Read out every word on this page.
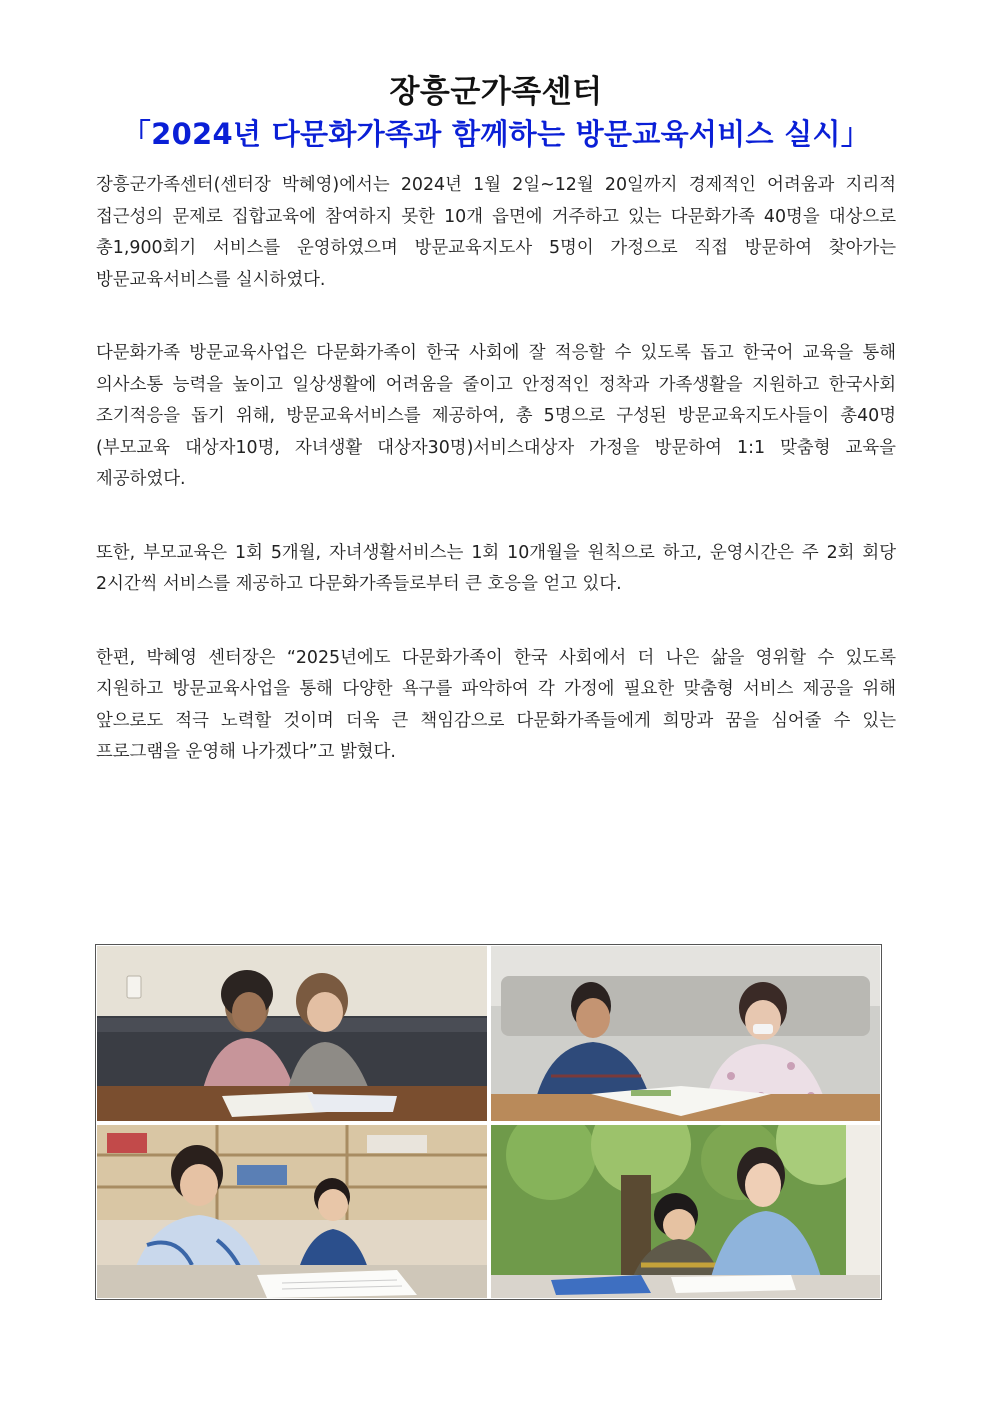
장흥군가족센터
「2024년 다문화가족과 함께하는 방문교육서비스 실시」

장흥군가족센터(센터장 박혜영)에서는 2024년 1월 2일~12월 20일까지 경제적인 어려움과 지리적 접근성의 문제로 집합교육에 참여하지 못한 10개 읍면에 거주하고 있는 다문화가족 40명을 대상으로 총1,900회기 서비스를 운영하였으며 방문교육지도사 5명이 가정으로 직접 방문하여 찾아가는 방문교육서비스를 실시하였다.

다문화가족 방문교육사업은 다문화가족이 한국 사회에 잘 적응할 수 있도록 돕고 한국어 교육을 통해 의사소통 능력을 높이고 일상생활에 어려움을 줄이고 안정적인 정착과 가족생활을 지원하고 한국사회 조기적응을 돕기 위해, 방문교육서비스를 제공하여, 총 5명으로 구성된 방문교육지도사들이 총40명(부모교육 대상자10명, 자녀생활 대상자30명)서비스대상자 가정을 방문하여 1:1 맞춤형 교육을 제공하였다.

또한, 부모교육은 1회 5개월, 자녀생활서비스는 1회 10개월을 원칙으로 하고, 운영시간은 주 2회 회당 2시간씩 서비스를 제공하고 다문화가족들로부터 큰 호응을 얻고 있다.

한편, 박혜영 센터장은 “2025년에도 다문화가족이 한국 사회에서 더 나은 삶을 영위할 수 있도록 지원하고 방문교육사업을 통해 다양한 욕구를 파악하여 각 가정에 필요한 맞춤형 서비스 제공을 위해 앞으로도 적극 노력할 것이며 더욱 큰 책임감으로 다문화가족들에게 희망과 꿈을 심어줄 수 있는 프로그램을 운영해 나가겠다”고 밝혔다.
